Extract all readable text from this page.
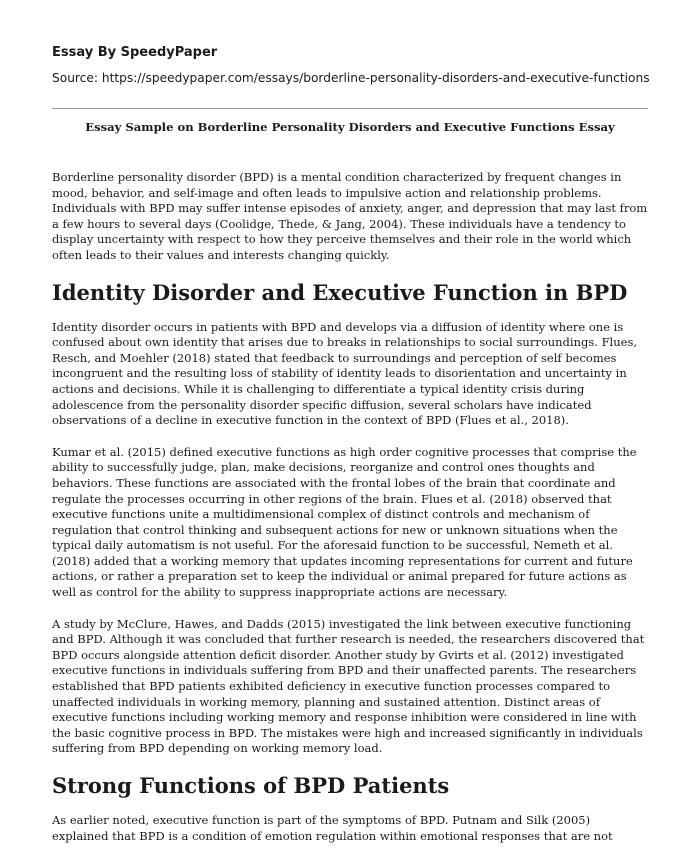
Essay By SpeedyPaper

Source: https://speedypaper.com/essays/borderline-personality-disorders-and-executive-functions

Essay Sample on Borderline Personality Disorders and Executive Functions Essay

Borderline personality disorder (BPD) is a mental condition characterized by frequent changes in mood, behavior, and self-image and often leads to impulsive action and relationship problems. Individuals with BPD may suffer intense episodes of anxiety, anger, and depression that may last from a few hours to several days (Coolidge, Thede, & Jang, 2004). These individuals have a tendency to display uncertainty with respect to how they perceive themselves and their role in the world which often leads to their values and interests changing quickly.

Identity Disorder and Executive Function in BPD

Identity disorder occurs in patients with BPD and develops via a diffusion of identity where one is confused about own identity that arises due to breaks in relationships to social surroundings. Flues, Resch, and Moehler (2018) stated that feedback to surroundings and perception of self becomes incongruent and the resulting loss of stability of identity leads to disorientation and uncertainty in actions and decisions. While it is challenging to differentiate a typical identity crisis during adolescence from the personality disorder specific diffusion, several scholars have indicated observations of a decline in executive function in the context of BPD (Flues et al., 2018).

Kumar et al. (2015) defined executive functions as high order cognitive processes that comprise the ability to successfully judge, plan, make decisions, reorganize and control ones thoughts and behaviors. These functions are associated with the frontal lobes of the brain that coordinate and regulate the processes occurring in other regions of the brain. Flues et al. (2018) observed that executive functions unite a multidimensional complex of distinct controls and mechanism of regulation that control thinking and subsequent actions for new or unknown situations when the typical daily automatism is not useful. For the aforesaid function to be successful, Nemeth et al. (2018) added that a working memory that updates incoming representations for current and future actions, or rather a preparation set to keep the individual or animal prepared for future actions as well as control for the ability to suppress inappropriate actions are necessary.

A study by McClure, Hawes, and Dadds (2015) investigated the link between executive functioning and BPD. Although it was concluded that further research is needed, the researchers discovered that BPD occurs alongside attention deficit disorder. Another study by Gvirts et al. (2012) investigated executive functions in individuals suffering from BPD and their unaffected parents. The researchers established that BPD patients exhibited deficiency in executive function processes compared to unaffected individuals in working memory, planning and sustained attention. Distinct areas of executive functions including working memory and response inhibition were considered in line with the basic cognitive process in BPD. The mistakes were high and increased significantly in individuals suffering from BPD depending on working memory load.

Strong Functions of BPD Patients

As earlier noted, executive function is part of the symptoms of BPD. Putnam and Silk (2005) explained that BPD is a condition of emotion regulation within emotional responses that are not
